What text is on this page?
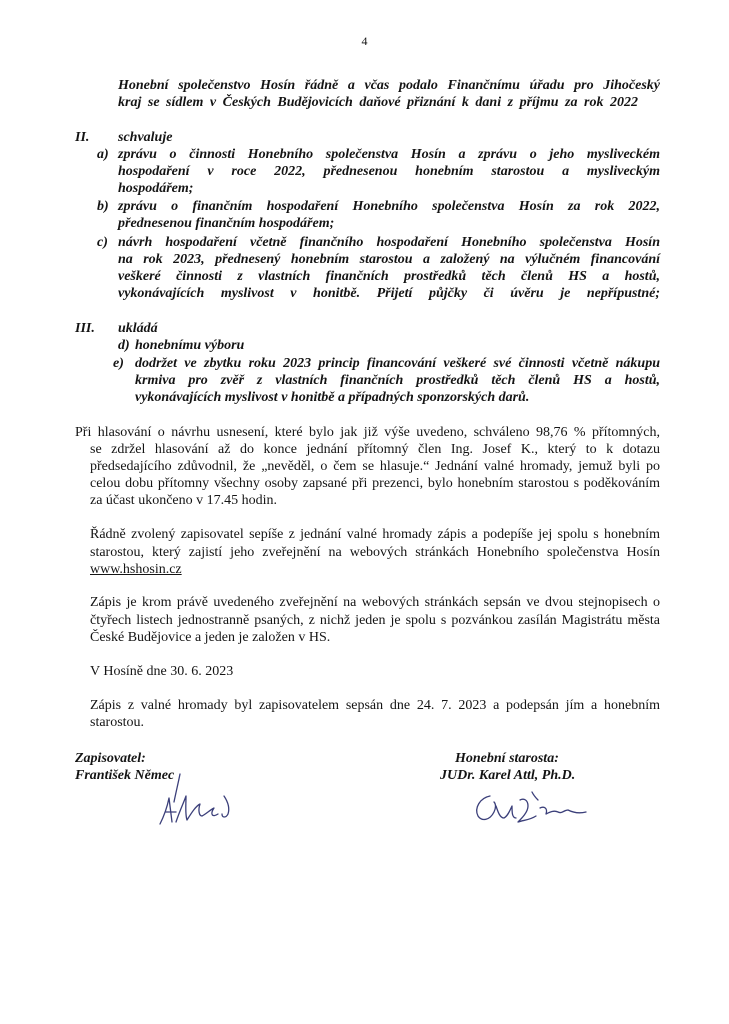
4
Honební společenstvo Hosín řádně a včas podalo Finančnímu úřadu pro Jihočeský
kraj se sídlem v Českých Budějovicích daňové přiznání k dani z příjmu za rok 2022
II. schvaluje
a) zprávu o činnosti Honebního společenstva Hosín a zprávu o jeho mysliveckém
hospodaření v roce 2022, přednesenou honebním starostou a mysliveckým
hospodářem;
b) zprávu o finančním hospodaření Honebního společenstva Hosín za rok 2022,
přednesenou finančním hospodářem;
c) návrh hospodaření včetně finančního hospodaření Honebního společenstva Hosín
na rok 2023, přednesený honebním starostou a založený na výlučném financování
veškeré činnosti z vlastních finančních prostředků těch členů HS a hostů,
vykonávajících myslivost v honitbě. Přijetí půjčky či úvěru je nepřípustné;
III. ukládá
d) honebnímu výboru
e) dodržet ve zbytku roku 2023 princip financování veškeré své činnosti včetně nákupu
krmiva pro zvěř z vlastních finančních prostředků těch členů HS a hostů,
vykonávajících myslivost v honitbě a případných sponzorských darů.
Při hlasování o návrhu usnesení, které bylo jak již výše uvedeno, schváleno 98,76 % přítomných,
se zdržel hlasování až do konce jednání přítomný člen Ing. Josef K., který to k dotazu
předsedajícího zdůvodnil, že „nevěděl, o čem se hlasuje.“ Jednání valné hromady, jemuž byli po
celou dobu přítomny všechny osoby zapsané při prezenci, bylo honebním starostou s poděkováním
za účast ukončeno v 17.45 hodin.
Řádně zvolený zapisovatel sepíše z jednání valné hromady zápis a podepíše jej spolu s honebním
starostou, který zajistí jeho zveřejnění na webových stránkách Honebního společenstva Hosín
www.hshosin.cz
Zápis je krom právě uvedeného zveřejnění na webových stránkách sepsán ve dvou stejnopisech o
čtyřech listech jednostranně psaných, z nichž jeden je spolu s pozvánkou zasílán Magistrátu města
České Budějovice a jeden je založen v HS.
V Hosíně dne 30. 6. 2023
Zápis z valné hromady byl zapisovatelem sepsán dne 24. 7. 2023 a podepsán jím a honebním
starostou.
Zapisovatel:
František Němec
Honební starosta:
JUDr. Karel Attl, Ph.D.
